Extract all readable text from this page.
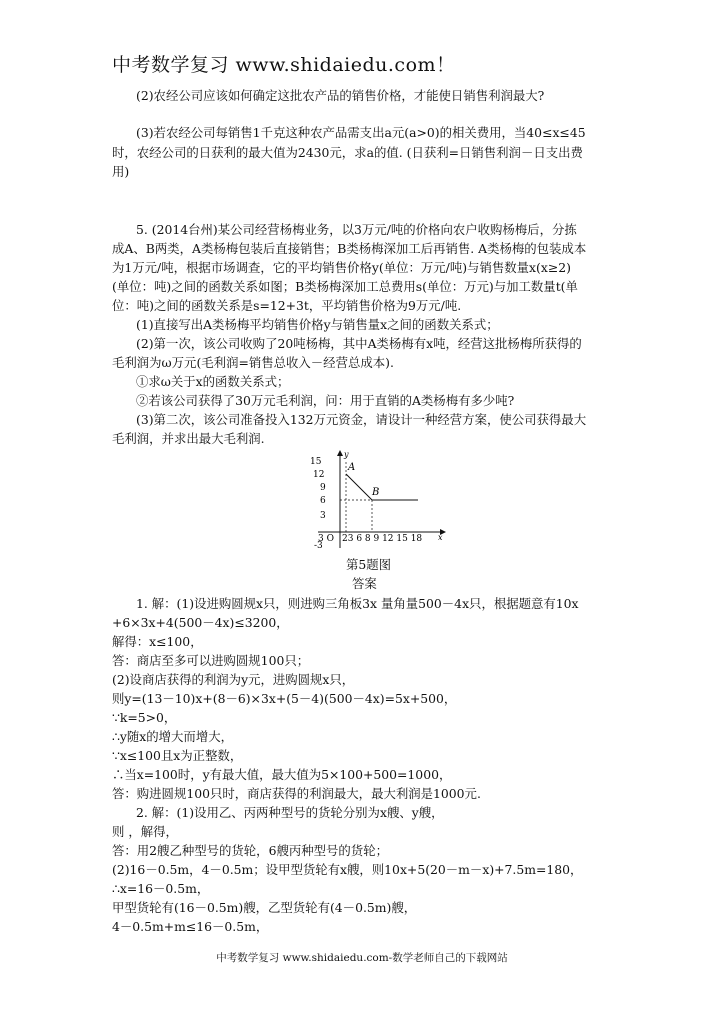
中考数学复习 www.shidaiedu.com！
(2)农经公司应该如何确定这批农产品的销售价格，才能使日销售利润最大?
(3)若农经公司每销售1千克这种农产品需支出a元(a>0)的相关费用，当40≤x≤45
时，农经公司的日获利的最大值为2430元，求a的值. (日获利=日销售利润－日支出费
用)
5. (2014台州)某公司经营杨梅业务，以3万元/吨的价格向农户收购杨梅后，分拣
成A、B两类，A类杨梅包装后直接销售；B类杨梅深加工后再销售. A类杨梅的包装成本
为1万元/吨，根据市场调查，它的平均销售价格y(单位：万元/吨)与销售数量x(x≥2)
(单位：吨)之间的函数关系如图；B类杨梅深加工总费用s(单位：万元)与加工数量t(单
位：吨)之间的函数关系是s=12+3t，平均销售价格为9万元/吨.
(1)直接写出A类杨梅平均销售价格y与销售量x之间的函数关系式；
(2)第一次，该公司收购了20吨杨梅，其中A类杨梅有x吨，经营这批杨梅所获得的
毛利润为ω万元(毛利润=销售总收入－经营总成本).
①求ω关于x的函数关系式；
②若该公司获得了30万元毛利润，问：用于直销的A类杨梅有多少吨?
(3)第二次，该公司准备投入132万元资金，请设计一种经营方案，使公司获得最大
毛利润，并求出最大毛利润.
15
12
9
6
3
-3
3 O 23 6 8 9 12 15 18 x
y
A
B
第5题图
答案
1. 解：(1)设进购圆规x只，则进购三角板3x 量角量500－4x只，根据题意有10x
+6×3x+4(500－4x)≤3200，
解得：x≤100，
答：商店至多可以进购圆规100只；
(2)设商店获得的利润为y元，进购圆规x只，
则y=(13－10)x+(8－6)×3x+(5－4)(500－4x)=5x+500，
∵k=5>0，
∴y随x的增大而增大，
∵x≤100且x为正整数，
∴当x=100时，y有最大值，最大值为5×100+500=1000，
答：购进圆规100只时，商店获得的利润最大，最大利润是1000元.
2. 解：(1)设用乙、丙两种型号的货轮分别为x艘、y艘，
则 ，解得，
答：用2艘乙种型号的货轮，6艘丙种型号的货轮；
(2)16－0.5m，4－0.5m；设甲型货轮有x艘，则10x+5(20－m－x)+7.5m=180，
∴x=16－0.5m，
甲型货轮有(16－0.5m)艘，乙型货轮有(4－0.5m)艘，
4－0.5m+m≤16－0.5m，
中考数学复习 www.shidaiedu.com-数学老师自己的下载网站
